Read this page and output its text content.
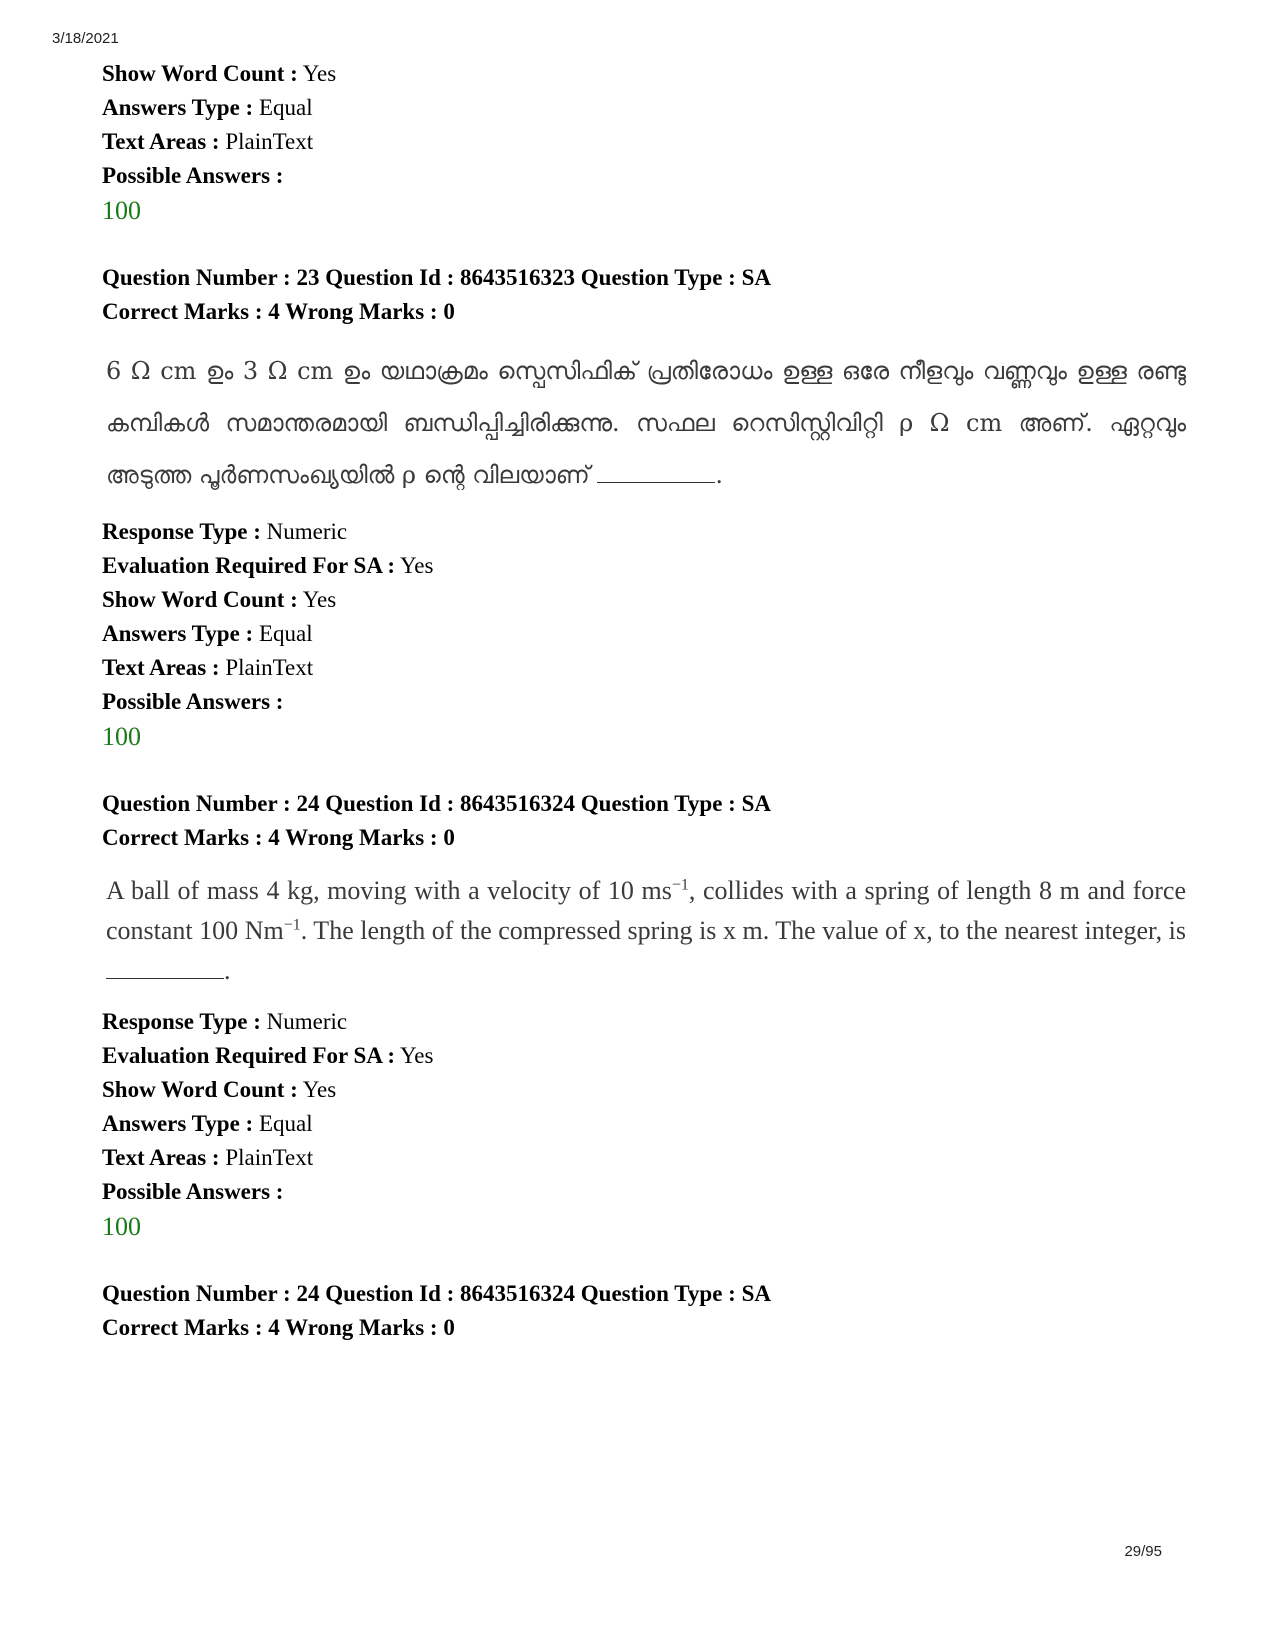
3/18/2021
Show Word Count : Yes
Answers Type : Equal
Text Areas : PlainText
Possible Answers :
100
Question Number : 23 Question Id : 8643516323 Question Type : SA
Correct Marks : 4 Wrong Marks : 0
6 Ω cm ഉം 3 Ω cm ഉം യഥാക്രമം സ്പെസിഫിക് പ്രതിരോധം ഉള്ള ഒരേ നീളവും വണ്ണവും ഉള്ള രണ്ടു കമ്പികൾ സമാന്തരമായി ബന്ധിപ്പിച്ചിരിക്കുന്നു. സഫല റെസിസ്റ്റിവിറ്റി ρ Ω cm അണ്. ഏറ്റവും അടുത്ത പൂർണസംഖ്യയിൽ ρ ന്റെ വിലയാണ്	.
Response Type : Numeric
Evaluation Required For SA : Yes
Show Word Count : Yes
Answers Type : Equal
Text Areas : PlainText
Possible Answers :
100
Question Number : 24 Question Id : 8643516324 Question Type : SA
Correct Marks : 4 Wrong Marks : 0
A ball of mass 4 kg, moving with a velocity of 10 $ms^{-1}$, collides with a spring of length 8 m and force constant 100 $Nm^{-1}$. The length of the compressed spring is x m. The value of x, to the nearest integer, is .
Response Type : Numeric
Evaluation Required For SA : Yes
Show Word Count : Yes
Answers Type : Equal
Text Areas : PlainText
Possible Answers :
100
Question Number : 24 Question Id : 8643516324 Question Type : SA
Correct Marks : 4 Wrong Marks : 0
29/95
